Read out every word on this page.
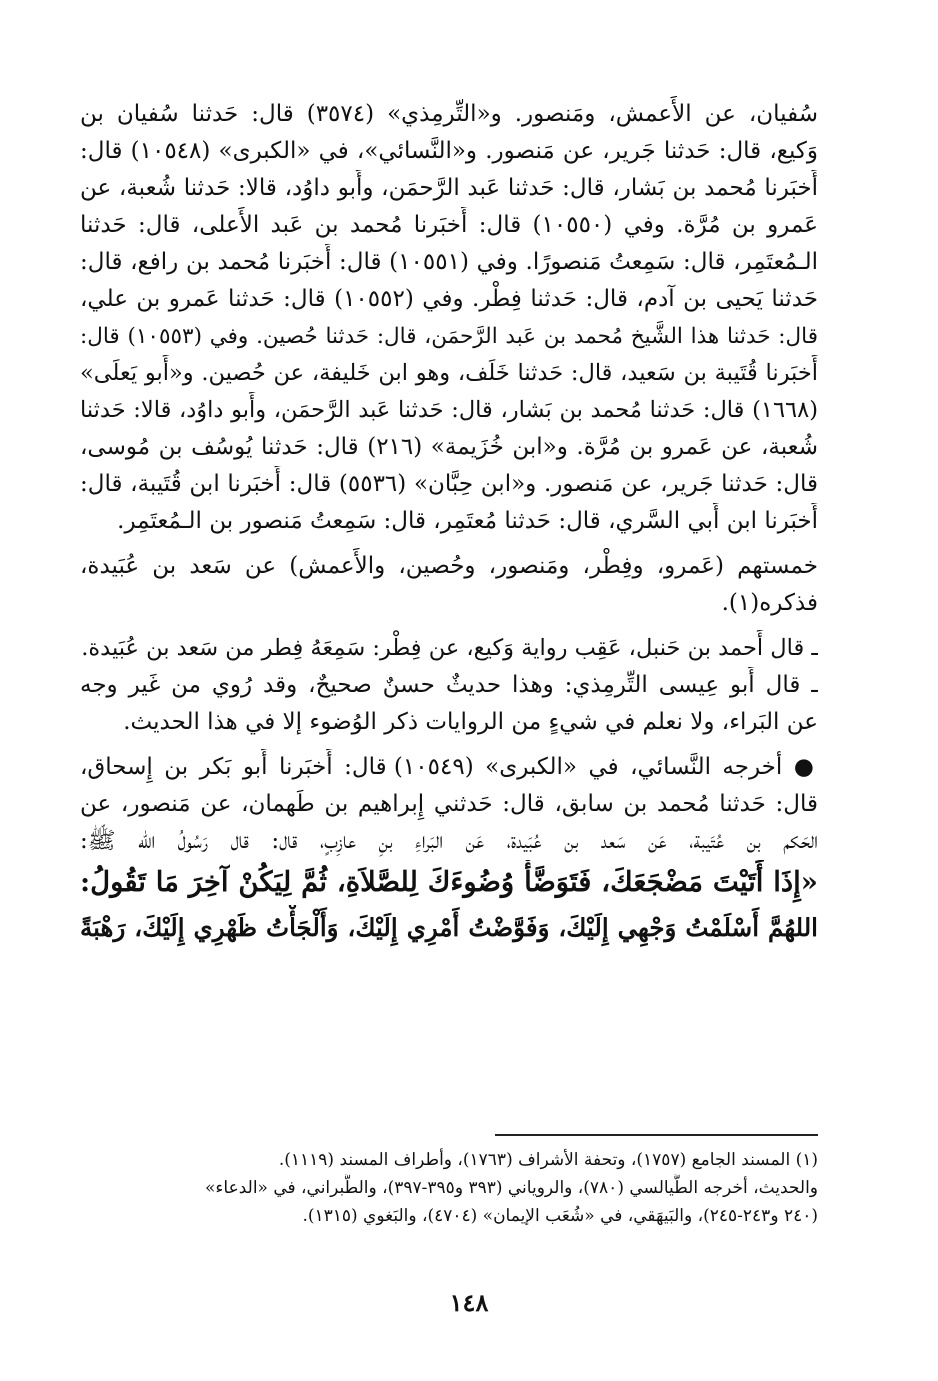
سُفيان، عن الأَعمش، ومَنصور. و«التِّرمِذي» (٣٥٧٤) قال: حَدثنا سُفيان بن
وَكيع، قال: حَدثنا جَرير، عن مَنصور. و«النَّسائي»، في «الكبرى» (١٠٥٤٨) قال:
أَخبَرنا مُحمد بن بَشار، قال: حَدثنا عَبد الرَّحمَن، وأَبو داوُد، قالا: حَدثنا شُعبة، عن
عَمرو بن مُرَّة. وفي (١٠٥٥٠) قال: أَخبَرنا مُحمد بن عَبد الأَعلى، قال: حَدثنا
الـمُعتَمِر، قال: سَمِعتُ مَنصورًا. وفي (١٠٥٥١) قال: أَخبَرنا مُحمد بن رافع، قال:
حَدثنا يَحيى بن آدم، قال: حَدثنا فِطْر. وفي (١٠٥٥٢) قال: حَدثنا عَمرو بن علي،
قال: حَدثنا هذا الشَّيخ مُحمد بن عَبد الرَّحمَن، قال: حَدثنا حُصين. وفي (١٠٥٥٣) قال:
أَخبَرنا قُتَيبة بن سَعيد، قال: حَدثنا خَلَف، وهو ابن خَليفة، عن حُصين. و«أَبو يَعلَى»
(١٦٦٨) قال: حَدثنا مُحمد بن بَشار، قال: حَدثنا عَبد الرَّحمَن، وأَبو داوُد، قالا: حَدثنا
شُعبة، عن عَمرو بن مُرَّة. و«ابن خُزَيمة» (٢١٦) قال: حَدثنا يُوسُف بن مُوسى،
قال: حَدثنا جَرير، عن مَنصور. و«ابن حِبَّان» (٥٥٣٦) قال: أَخبَرنا ابن قُتَيبة، قال:
أَخبَرنا ابن أَبي السَّري، قال: حَدثنا مُعتَمِر، قال: سَمِعتُ مَنصور بن الـمُعتَمِر.
خمستهم (عَمرو، وفِطْر، ومَنصور، وحُصين، والأَعمش) عن سَعد بن عُبَيدة،
فذكره(١).
ـ قال أَحمد بن حَنبل، عَقِب رواية وَكيع، عن فِطْر: سَمِعَهُ فِطر من سَعد بن عُبَيدة.
ـ قال أَبو عِيسى التِّرمِذي: وهذا حديثٌ حسنٌ صحيحٌ، وقد رُوي من غَير وجه
عن البَراء، ولا نعلم في شيءٍ من الروايات ذكر الوُضوء إلا في هذا الحديث.
● أخرجه النَّسائي، في «الكبرى» (١٠٥٤٩) قال: أَخبَرنا أَبو بَكر بن إِسحاق،
قال: حَدثنا مُحمد بن سابق، قال: حَدثني إِبراهيم بن طَهمان، عن مَنصور، عن
الحَكم بن عُتَيبة، عَن سَعد بن عُبَيدة، عَن البَراءِ بنِ عازِبٍ، قال: قال رَسُولُ الله ﷺ:
«إِذَا أَتَيْتَ مَضْجَعَكَ، فَتَوَضَّأْ وُضُوءَكَ لِلصَّلاَةِ، ثُمَّ لِيَكُنْ آخِرَ مَا تَقُولُ:
اللهُمَّ أَسْلَمْتُ وَجْهِي إِلَيْكَ، وَفَوَّضْتُ أَمْرِي إِلَيْكَ، وَأَلْجَأْتُ ظَهْرِي إِلَيْكَ، رَهْبَةً
(١) المسند الجامع (١٧٥٧)، وتحفة الأشراف (١٧٦٣)، وأطراف المسند (١١١٩).
والحديث، أخرجه الطَّيالسي (٧٨٠)، والروياني (٣٩٣ و٣٩٥-٣٩٧)، والطَّبراني، في «الدعاء»
(٢٤٠ و٢٤٣-٢٤٥)، والبَيهَقي، في «شُعَب الإيمان» (٤٧٠٤)، والبَغوي (١٣١٥).
١٤٨
